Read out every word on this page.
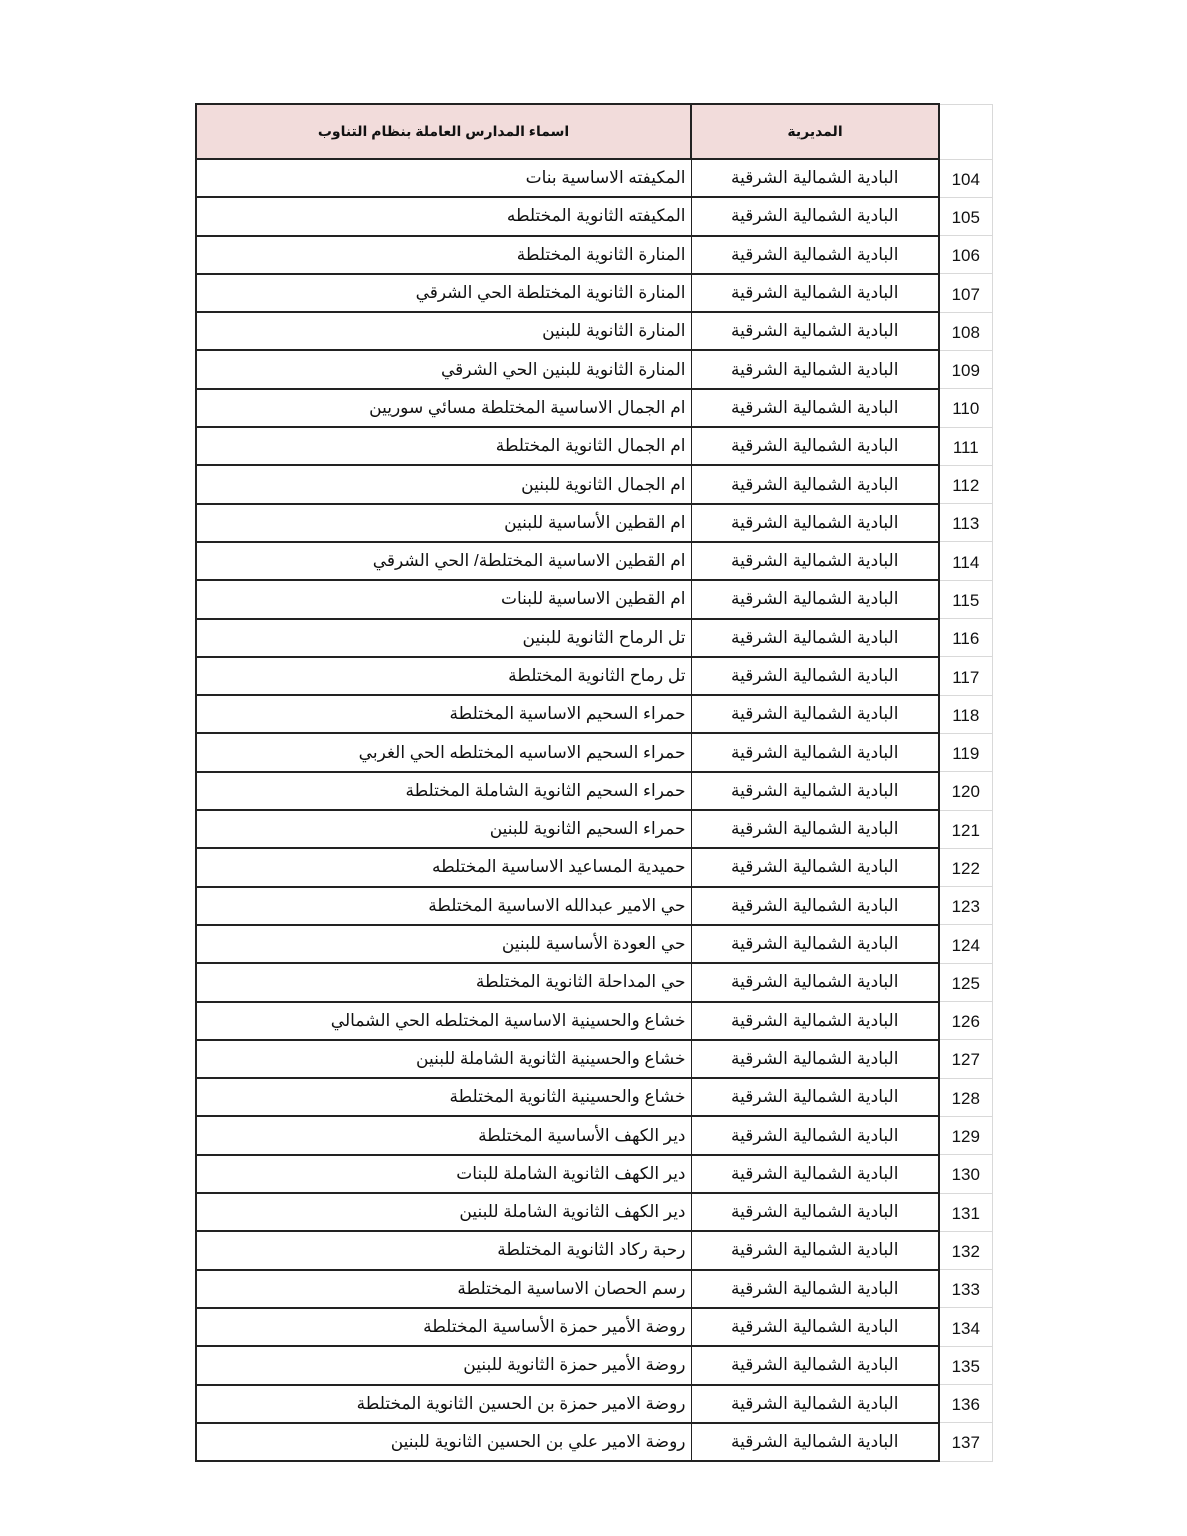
اسماء المدارس العاملة بنظام التناوب	المديرية	
المكيفته الاساسية بنات	البادية الشمالية الشرقية	104
المكيفته الثانوية المختلطه	البادية الشمالية الشرقية	105
المنارة الثانوية المختلطة	البادية الشمالية الشرقية	106
المنارة الثانوية المختلطة الحي الشرقي	البادية الشمالية الشرقية	107
المنارة الثانوية للبنين	البادية الشمالية الشرقية	108
المنارة الثانوية للبنين الحي الشرقي	البادية الشمالية الشرقية	109
ام الجمال الاساسية المختلطة مسائي سوريين	البادية الشمالية الشرقية	110
ام الجمال الثانوية المختلطة	البادية الشمالية الشرقية	111
ام الجمال الثانوية للبنين	البادية الشمالية الشرقية	112
ام القطين الأساسية للبنين	البادية الشمالية الشرقية	113
ام القطين الاساسية المختلطة/ الحي الشرقي	البادية الشمالية الشرقية	114
ام القطين الاساسية للبنات	البادية الشمالية الشرقية	115
تل الرماح الثانوية للبنين	البادية الشمالية الشرقية	116
تل رماح الثانوية المختلطة	البادية الشمالية الشرقية	117
حمراء السحيم الاساسية المختلطة	البادية الشمالية الشرقية	118
حمراء السحيم الاساسيه المختلطه الحي الغربي	البادية الشمالية الشرقية	119
حمراء السحيم الثانوية الشاملة المختلطة	البادية الشمالية الشرقية	120
حمراء السحيم الثانوية للبنين	البادية الشمالية الشرقية	121
حميدية المساعيد الاساسية المختلطه	البادية الشمالية الشرقية	122
حي الامير عبدالله الاساسية المختلطة	البادية الشمالية الشرقية	123
حي العودة الأساسية للبنين	البادية الشمالية الشرقية	124
حي المداحلة الثانوية المختلطة	البادية الشمالية الشرقية	125
خشاع والحسينية الاساسية المختلطه الحي الشمالي	البادية الشمالية الشرقية	126
خشاع والحسينية الثانوية الشاملة للبنين	البادية الشمالية الشرقية	127
خشاع والحسينية الثانوية المختلطة	البادية الشمالية الشرقية	128
دير الكهف الأساسية المختلطة	البادية الشمالية الشرقية	129
دير الكهف الثانوية الشاملة للبنات	البادية الشمالية الشرقية	130
دير الكهف الثانوية الشاملة للبنين	البادية الشمالية الشرقية	131
رحبة ركاد الثانوية المختلطة	البادية الشمالية الشرقية	132
رسم الحصان الاساسية المختلطة	البادية الشمالية الشرقية	133
روضة الأمير حمزة الأساسية المختلطة	البادية الشمالية الشرقية	134
روضة الأمير حمزة الثانوية للبنين	البادية الشمالية الشرقية	135
روضة الامير حمزة بن الحسين الثانوية المختلطة	البادية الشمالية الشرقية	136
روضة الامير علي بن الحسين الثانوية للبنين	البادية الشمالية الشرقية	137
